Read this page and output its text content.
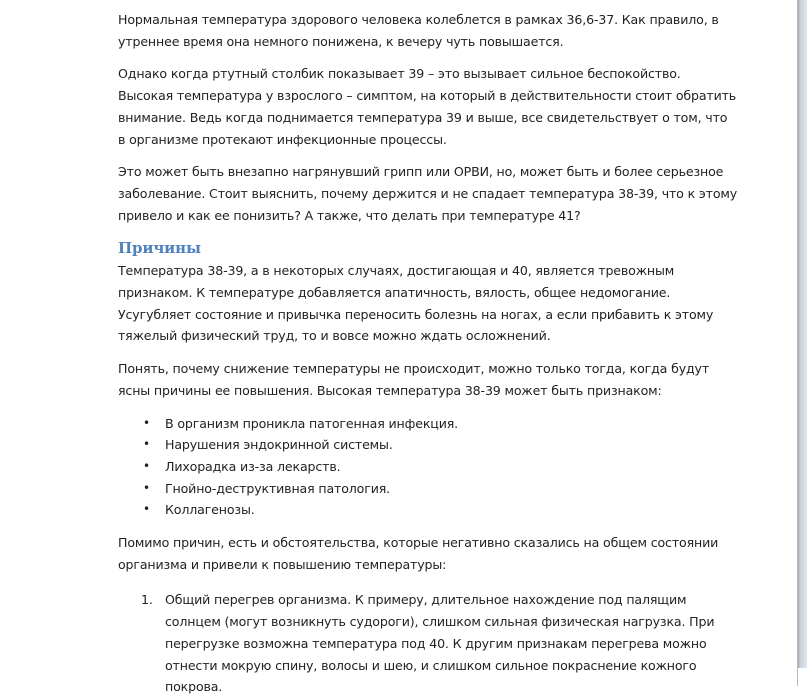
Нормальная температура здорового человека колеблется в рамках 36,6-37. Как правило, в утреннее время она немного понижена, к вечеру чуть повышается.

Однако когда ртутный столбик показывает 39 – это вызывает сильное беспокойство. Высокая температура у взрослого – симптом, на который в действительности стоит обратить внимание. Ведь когда поднимается температура 39 и выше, все свидетельствует о том, что в организме протекают инфекционные процессы.

Это может быть внезапно нагрянувший грипп или ОРВИ, но, может быть и более серьезное заболевание. Стоит выяснить, почему держится и не спадает температура 38-39, что к этому привело и как ее понизить? А также, что делать при температуре 41?

Причины

Температура 38-39, а в некоторых случаях, достигающая и 40, является тревожным признаком. К температуре добавляется апатичность, вялость, общее недомогание. Усугубляет состояние и привычка переносить болезнь на ногах, а если прибавить к этому тяжелый физический труд, то и вовсе можно ждать осложнений.

Понять, почему снижение температуры не происходит, можно только тогда, когда будут ясны причины ее повышения. Высокая температура 38-39 может быть признаком:

• В организм проникла патогенная инфекция.
• Нарушения эндокринной системы.
• Лихорадка из-за лекарств.
• Гнойно-деструктивная патология.
• Коллагенозы.

Помимо причин, есть и обстоятельства, которые негативно сказались на общем состоянии организма и привели к повышению температуры:

1. Общий перегрев организма. К примеру, длительное нахождение под палящим солнцем (могут возникнуть судороги), слишком сильная физическая нагрузка. При перегрузке возможна температура под 40. К другим признакам перегрева можно отнести мокрую спину, волосы и шею, и слишком сильное покраснение кожного покрова.
